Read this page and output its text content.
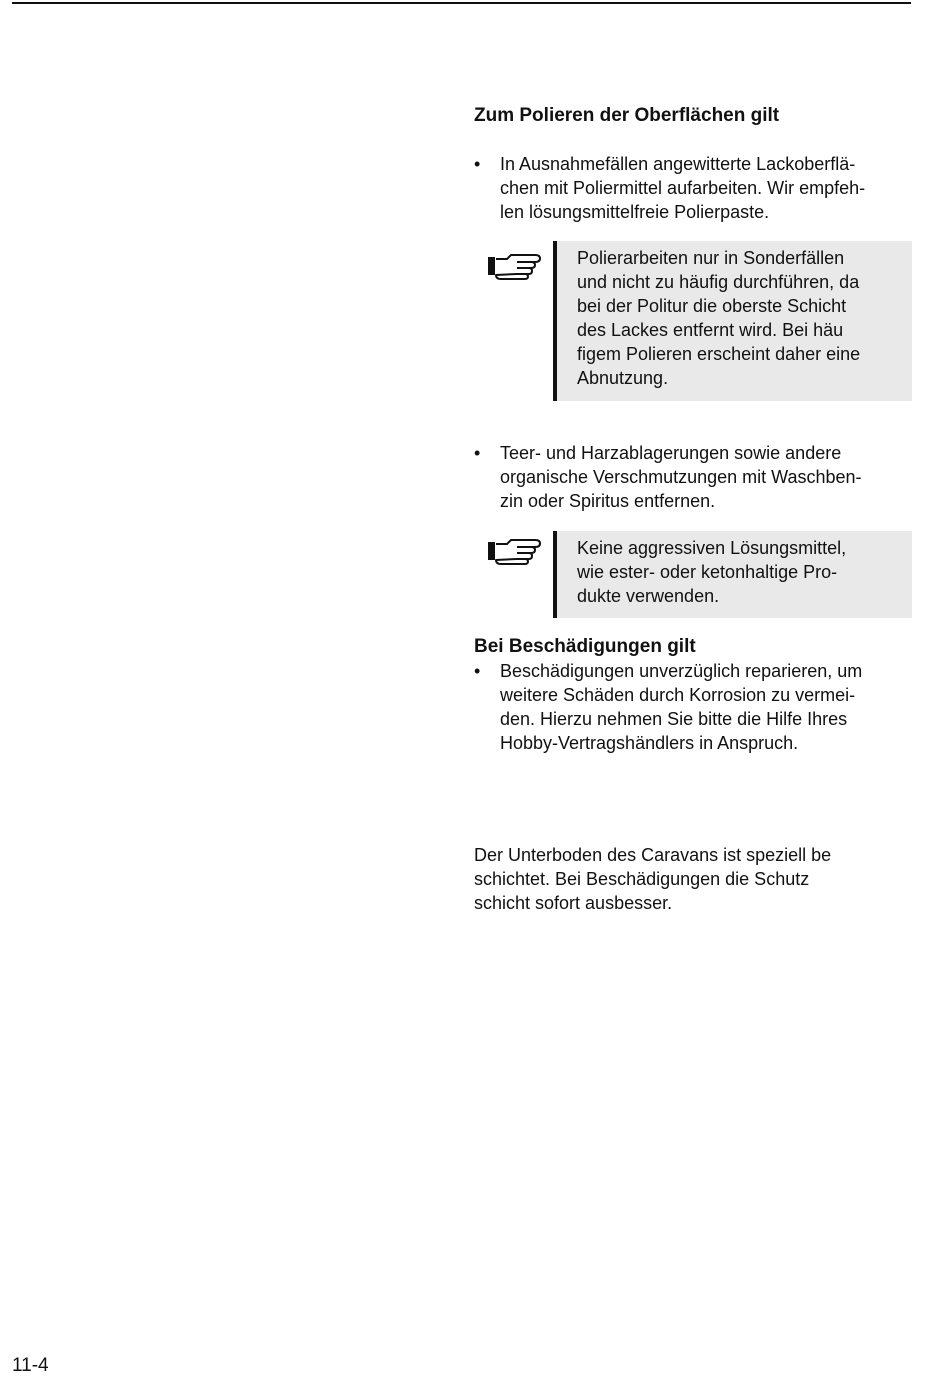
Zum Polieren der Oberflächen gilt
• In Ausnahmefällen angewitterte Lackoberflä-
chen mit Poliermittel aufarbeiten. Wir empfeh-
len lösungsmittelfreie Polierpaste.
Polierarbeiten nur in Sonderfällen
und nicht zu häufig durchführen, da
bei der Politur die oberste Schicht
des Lackes entfernt wird. Bei häu
figem Polieren erscheint daher eine
Abnutzung.
• Teer- und Harzablagerungen sowie andere
organische Verschmutzungen mit Waschben-
zin oder Spiritus entfernen.
Keine aggressiven Lösungsmittel,
wie ester- oder ketonhaltige Pro-
dukte verwenden.
Bei Beschädigungen gilt
• Beschädigungen unverzüglich reparieren, um
weitere Schäden durch Korrosion zu vermei-
den. Hierzu nehmen Sie bitte die Hilfe Ihres
Hobby-Vertragshändlers in Anspruch.
Der Unterboden des Caravans ist speziell be
schichtet. Bei Beschädigungen die Schutz
schicht sofort ausbesser.
11-4
